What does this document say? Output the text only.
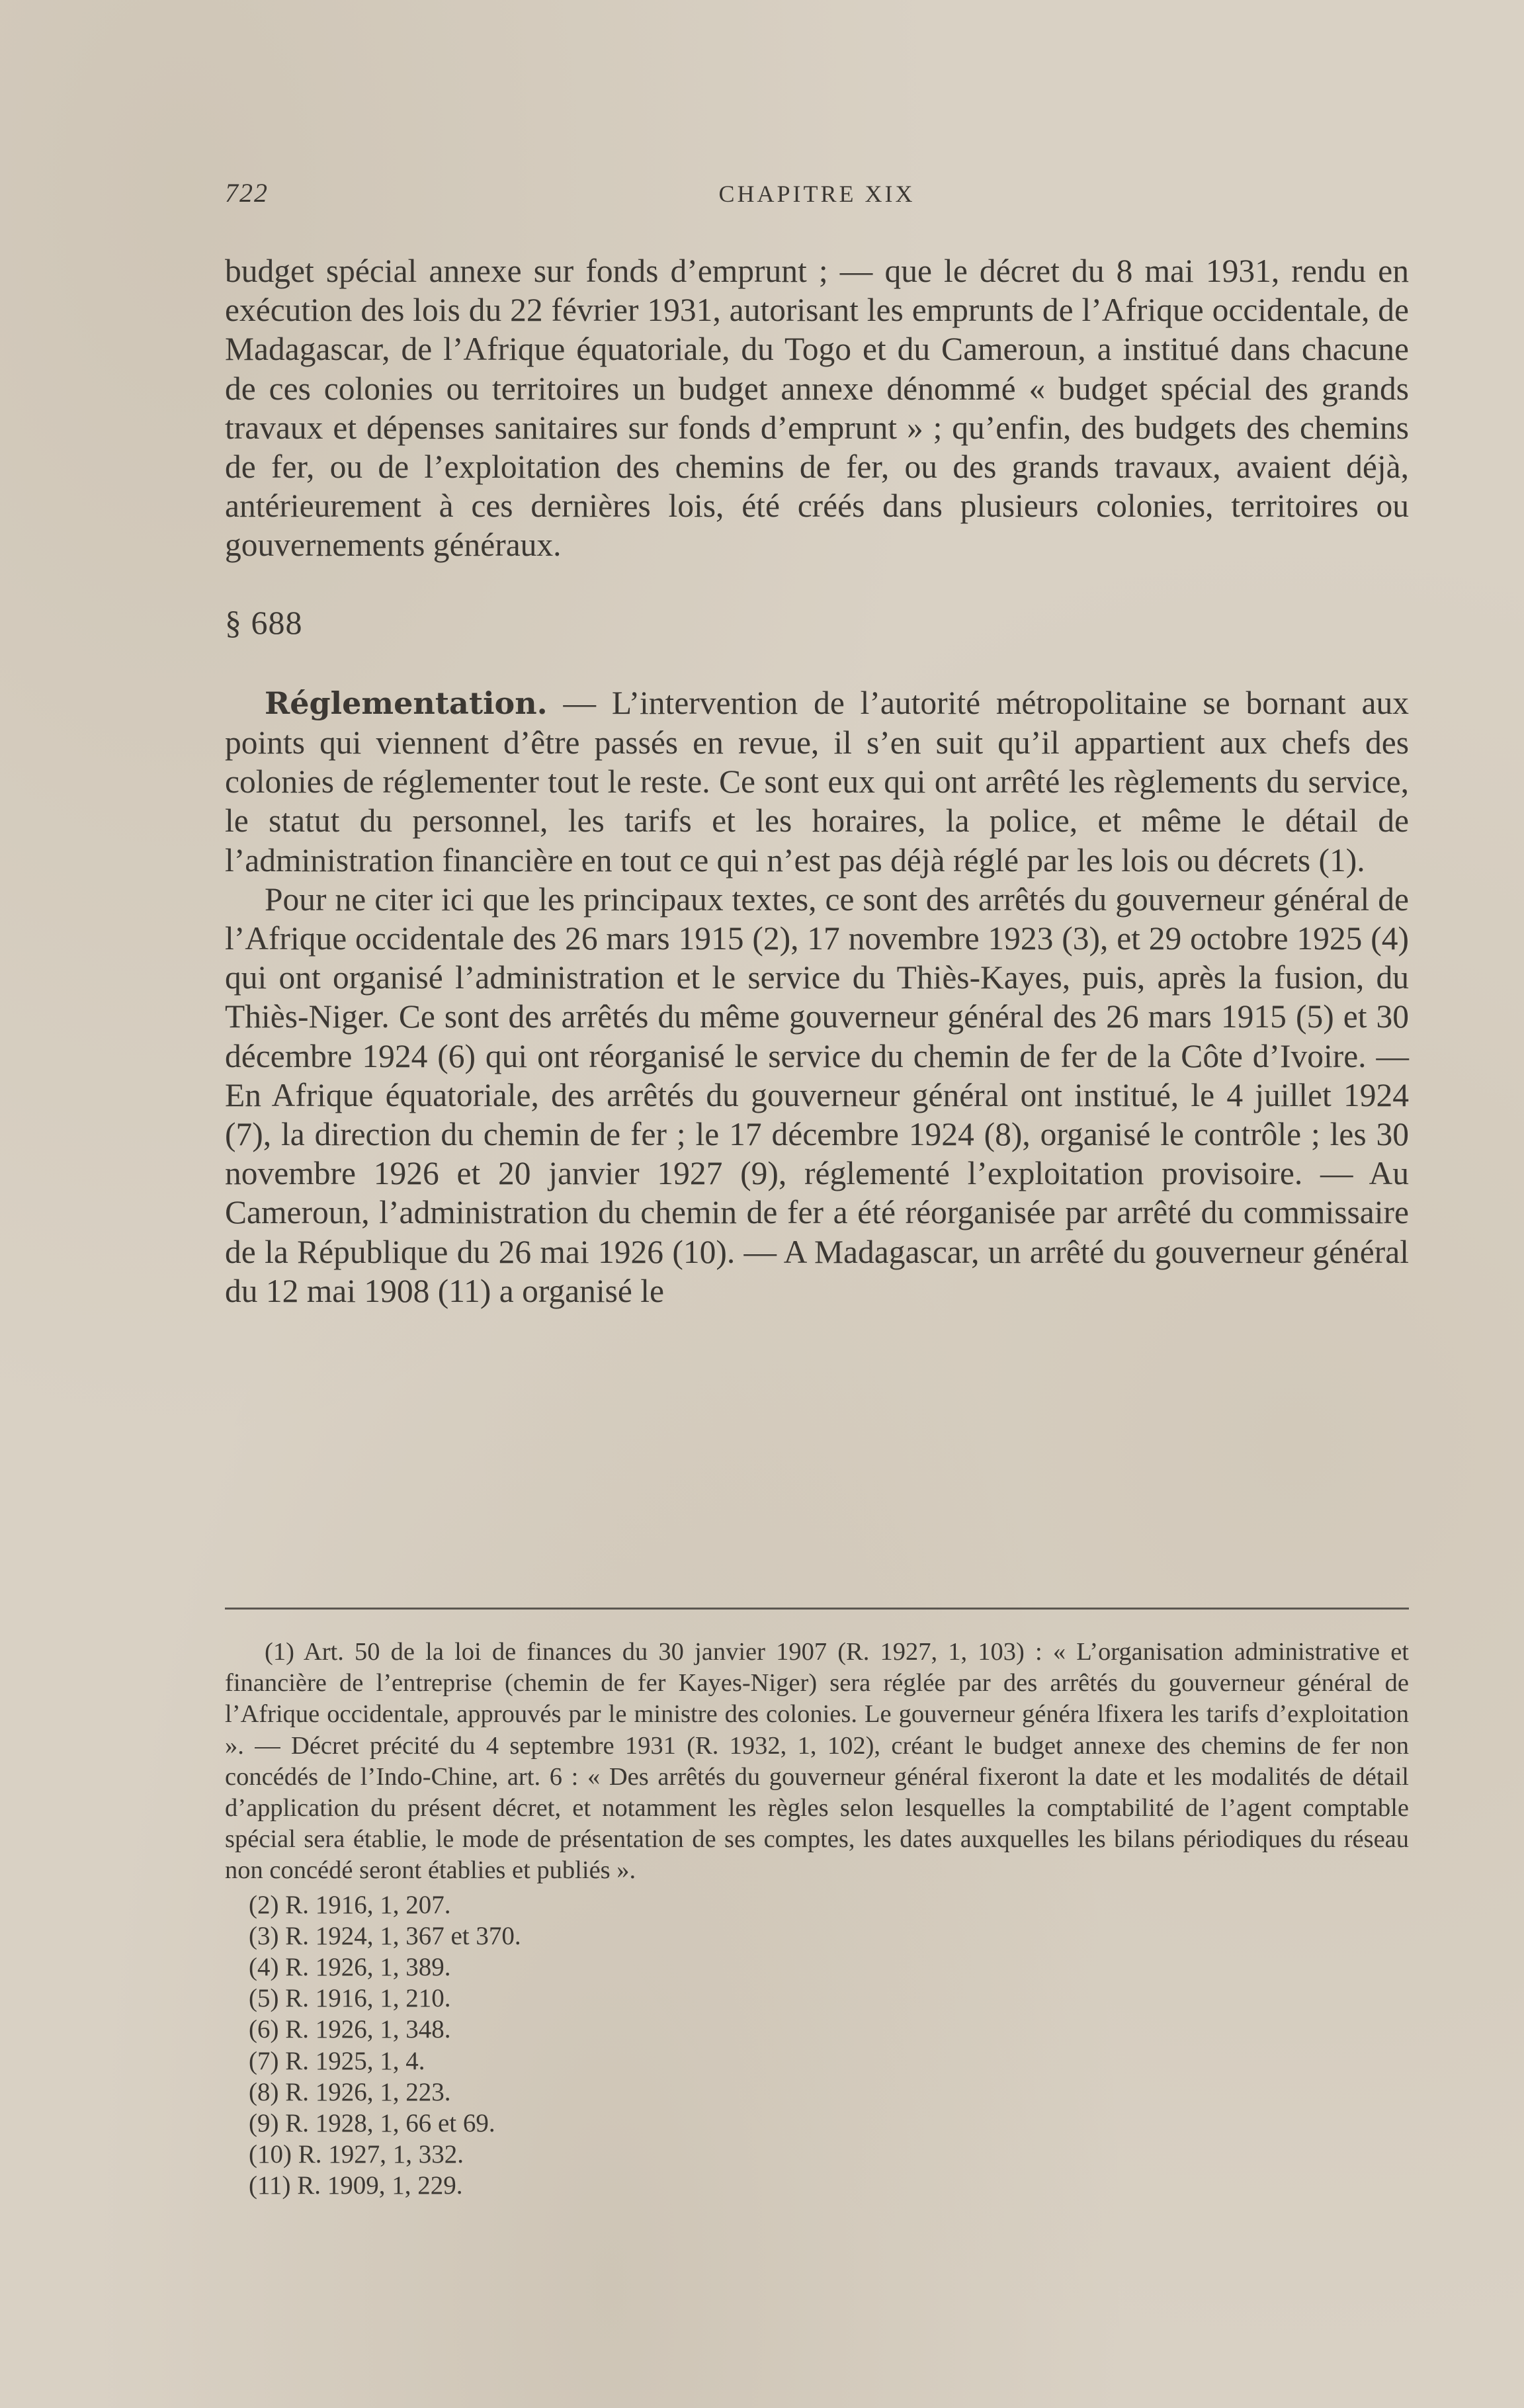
722	CHAPITRE XIX

budget spécial annexe sur fonds d’emprunt ; — que le décret du 8 mai 1931, rendu en exécution des lois du 22 février 1931, autorisant les emprunts de l’Afrique occidentale, de Madagascar, de l’Afrique équatoriale, du Togo et du Cameroun, a institué dans chacune de ces colonies ou territoires un budget annexe dénommé « budget spécial des grands travaux et dépenses sanitaires sur fonds d’emprunt » ; qu’enfin, des budgets des chemins de fer, ou de l’exploitation des chemins de fer, ou des grands travaux, avaient déjà, antérieurement à ces dernières lois, été créés dans plusieurs colonies, territoires ou gouvernements généraux.

§ 688

Réglementation. — L’intervention de l’autorité métropolitaine se bornant aux points qui viennent d’être passés en revue, il s’en suit qu’il appartient aux chefs des colonies de réglementer tout le reste. Ce sont eux qui ont arrêté les règlements du service, le statut du personnel, les tarifs et les horaires, la police, et même le détail de l’administration financière en tout ce qui n’est pas déjà réglé par les lois ou décrets (1).

Pour ne citer ici que les principaux textes, ce sont des arrêtés du gouverneur général de l’Afrique occidentale des 26 mars 1915 (2), 17 novembre 1923 (3), et 29 octobre 1925 (4) qui ont organisé l’administration et le service du Thiès-Kayes, puis, après la fusion, du Thiès-Niger. Ce sont des arrêtés du même gouverneur général des 26 mars 1915 (5) et 30 décembre 1924 (6) qui ont réorganisé le service du chemin de fer de la Côte d’Ivoire. — En Afrique équatoriale, des arrêtés du gouverneur général ont institué, le 4 juillet 1924 (7), la direction du chemin de fer ; le 17 décembre 1924 (8), organisé le contrôle ; les 30 novembre 1926 et 20 janvier 1927 (9), réglementé l’exploitation provisoire. — Au Cameroun, l’administration du chemin de fer a été réorganisée par arrêté du commissaire de la République du 26 mai 1926 (10). — A Madagascar, un arrêté du gouverneur général du 12 mai 1908 (11) a organisé le

(1) Art. 50 de la loi de finances du 30 janvier 1907 (R. 1927, 1, 103) : « L’organisation administrative et financière de l’entreprise (chemin de fer Kayes-Niger) sera réglée par des arrêtés du gouverneur général de l’Afrique occidentale, approuvés par le ministre des colonies. Le gouverneur généra lfixera les tarifs d’exploitation ». — Décret précité du 4 septembre 1931 (R. 1932, 1, 102), créant le budget annexe des chemins de fer non concédés de l’Indo-Chine, art. 6 : « Des arrêtés du gouverneur général fixeront la date et les modalités de détail d’application du présent décret, et notamment les règles selon lesquelles la comptabilité de l’agent comptable spécial sera établie, le mode de présentation de ses comptes, les dates auxquelles les bilans périodiques du réseau non concédé seront établies et publiés ».

(2) R. 1916, 1, 207.
(3) R. 1924, 1, 367 et 370.
(4) R. 1926, 1, 389.
(5) R. 1916, 1, 210.
(6) R. 1926, 1, 348.
(7) R. 1925, 1, 4.
(8) R. 1926, 1, 223.
(9) R. 1928, 1, 66 et 69.
(10) R. 1927, 1, 332.
(11) R. 1909, 1, 229.
